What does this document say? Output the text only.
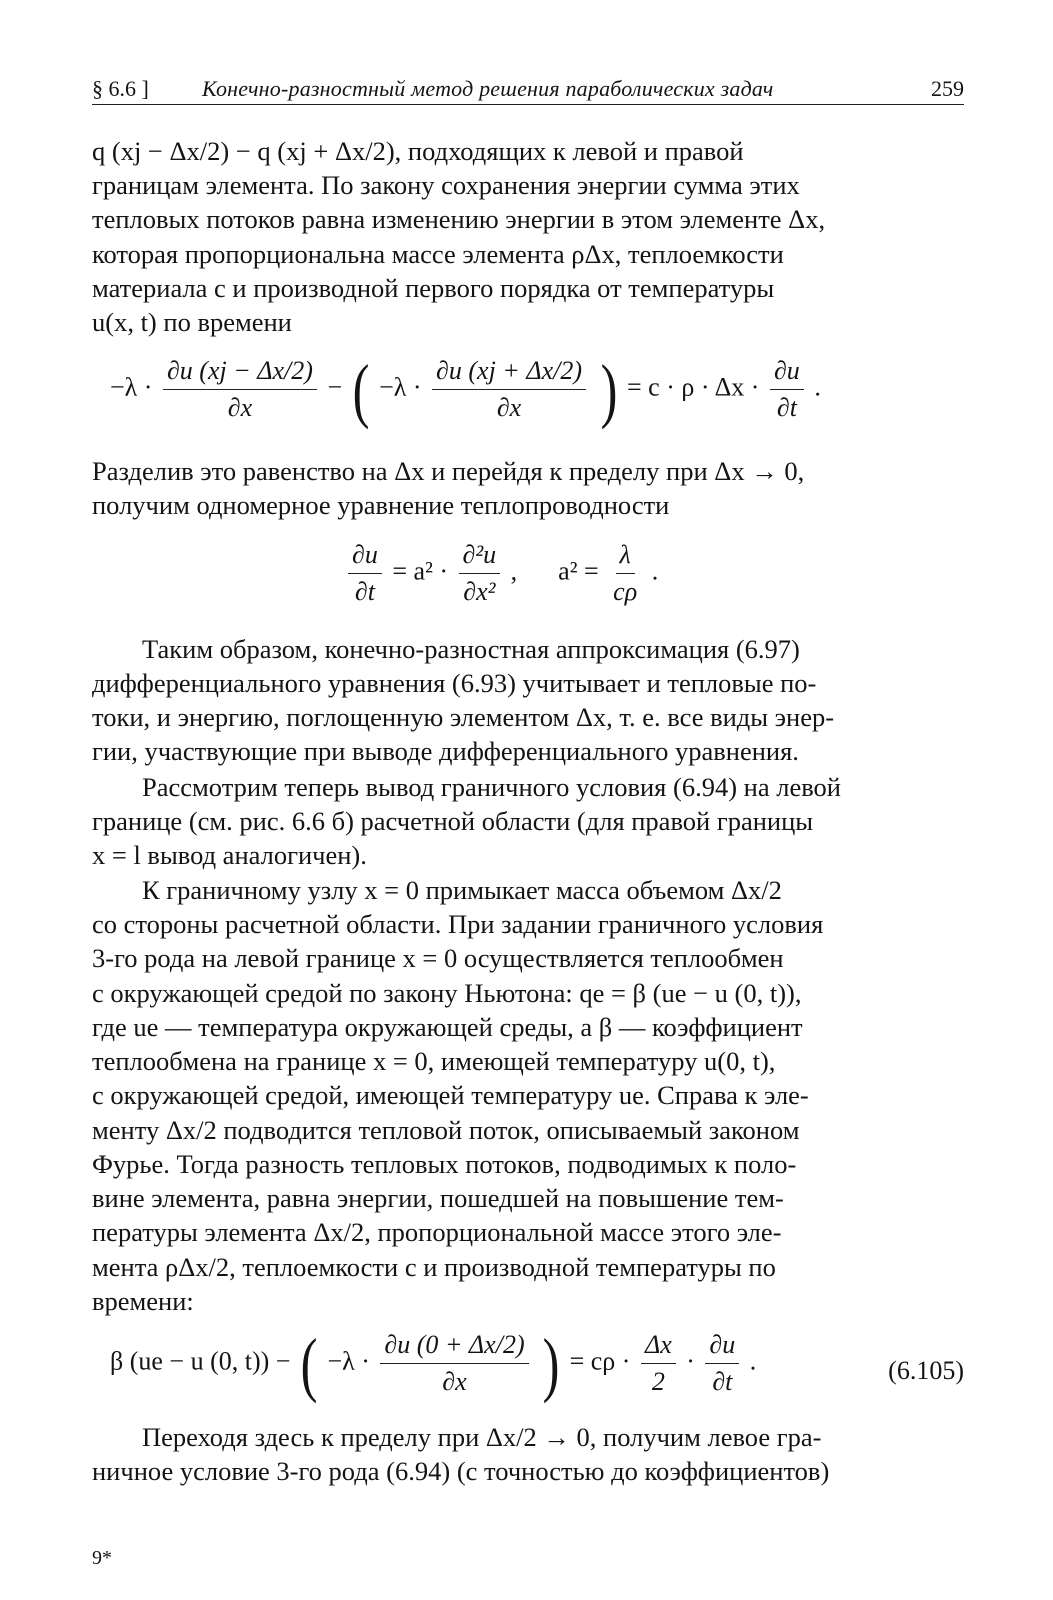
§ 6.6 ] Конечно-разностный метод решения параболических задач	259
q (xj − Δx/2) − q (xj + Δx/2), подходящих к левой и правой
границам элемента. По закону сохранения энергии сумма этих
тепловых потоков равна изменению энергии в этом элементе Δx,
которая пропорциональна массе элемента ρΔx, теплоемкости
материала c и производной первого порядка от температуры
u(x, t) по времени
$-\lambda \cdot \frac{\partial u (xj - \Delta x/2)}{\partial x}$ − ( $-\lambda \cdot \frac{\partial u (xj + \Delta x/2)}{\partial x}$ ) = $c \cdot \rho \cdot \Delta x \cdot \frac{\partial u}{\partial t}$ .
Разделив это равенство на Δx и перейдя к пределу при Δx → 0,
получим одномерное уравнение теплопроводности
$\frac{\partial u}{\partial t} = a^2 \cdot \frac{\text{∂²u}}{\text{∂x²}}$ , $a^2 = \frac{\lambda}{c\rho}$ .
Таким образом, конечно-разностная аппроксимация (6.97)
дифференциального уравнения (6.93) учитывает и тепловые по-
токи, и энергию, поглощенную элементом Δx, т. е. все виды энер-
гии, участвующие при выводе дифференциального уравнения.
Рассмотрим теперь вывод граничного условия (6.94) на левой
границе (см. рис. 6.6 б) расчетной области (для правой границы
x = l вывод аналогичен).
К граничному узлу x = 0 примыкает масса объемом Δx/2
со стороны расчетной области. При задании граничного условия
3-го рода на левой границе x = 0 осуществляется теплообмен
с окружающей средой по закону Ньютона: qe = β (ue − u (0, t)),
где ue — температура окружающей среды, а β — коэффициент
теплообмена на границе x = 0, имеющей температуру u(0, t),
с окружающей средой, имеющей температуру ue. Справа к эле-
менту Δx/2 подводится тепловой поток, описываемый законом
Фурье. Тогда разность тепловых потоков, подводимых к поло-
вине элемента, равна энергии, пошедшей на повышение тем-
пературы элемента Δx/2, пропорциональной массе этого эле-
мента ρΔx/2, теплоемкости c и производной температуры по
времени:
β (ue − u (0, t)) − ( $-\lambda \cdot \frac{\partial u (0 + \Delta x/2)}{\partial x}$ ) = $c\rho \cdot \frac{\Delta x}{2} \cdot \frac{\partial u}{\partial t}$ .	(6.105)
Переходя здесь к пределу при Δx/2 → 0, получим левое гра-
ничное условие 3-го рода (6.94) (с точностью до коэффициентов)
9*
